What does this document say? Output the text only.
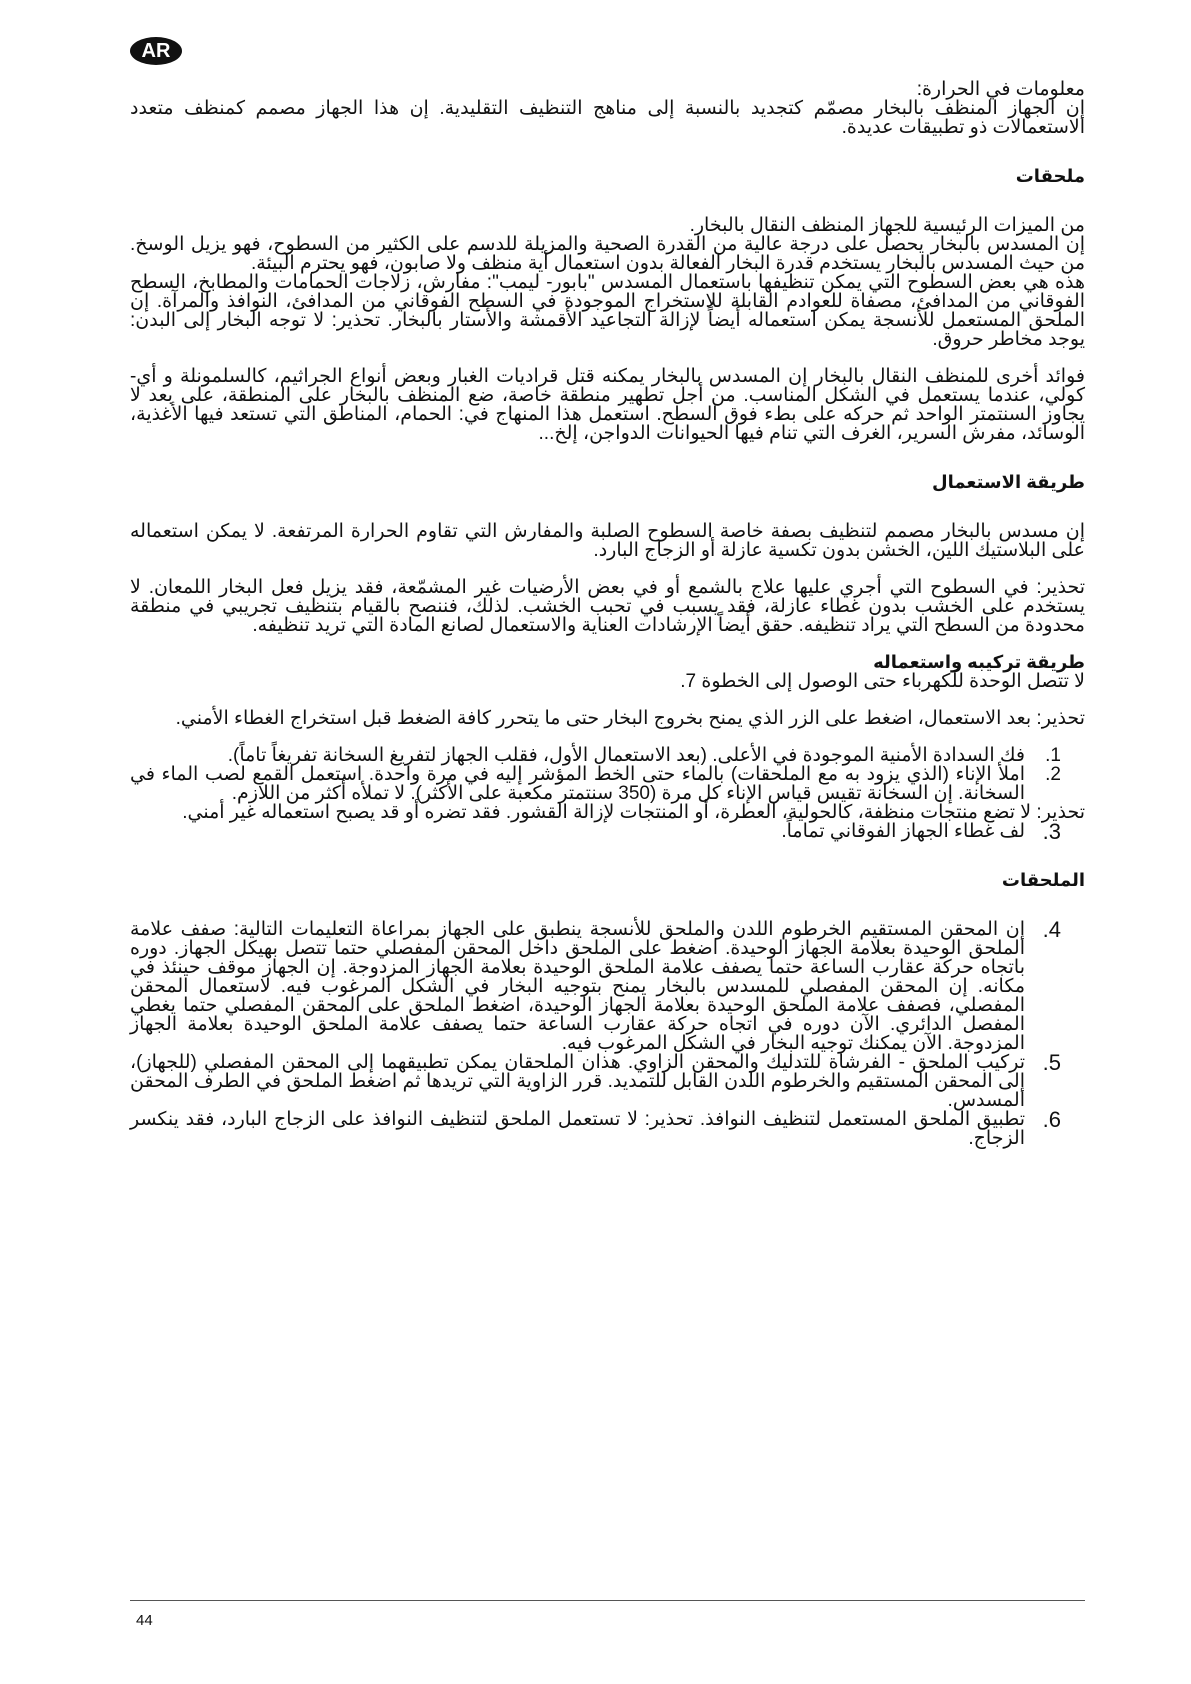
AR

معلومات في الحرارة:

إن الجهاز المنظف بالبخار مصمّم كتجديد بالنسبة إلى مناهج التنظيف التقليدية. إن هذا الجهاز مصمم كمنظف متعدد الاستعمالات ذو تطبيقات عديدة.

ملحقات

من الميزات الرئيسية للجهاز المنظف النقال بالبخار.

إن المسدس بالبخار يحصل على درجة عالية من القدرة الصحية والمزيلة للدسم على الكثير من السطوح، فهو يزيل الوسخ. من حيث المسدس بالبخار يستخدم قدرة البخار الفعالة بدون استعمال أية منظف ولا صابون، فهو يحترم البيئة.

هذه هي بعض السطوح التي يمكن تنظيفها باستعمال المسدس "بابور- ليمب": مفارش، زلاجات الحمامات والمطابخ، السطح الفوقاني من المدافئ، مصفاة للعوادم القابلة للاستخراج الموجودة في السطح الفوقاني من المدافئ، النوافذ والمرآة. إن الملحق المستعمل للأنسجة يمكن استعماله أيضاً لإزالة التجاعيد الأقمشة والأستار بالبخار. تحذير: لا توجه البخار إلى البدن: يوجد مخاطر حروق.

فوائد أخرى للمنظف النقال بالبخار إن المسدس بالبخار يمكنه قتل قراديات الغبار وبعض أنواع الجراثيم، كالسلمونلة و أي- كولي، عندما يستعمل في الشكل المناسب. من أجل تطهير منطقة خاصة، ضع المنظف بالبخار على المنطقة، على بعد لا يجاوز السنتمتر الواحد ثم حركه على بطء فوق السطح. استعمل هذا المنهاج في: الحمام، المناطق التي تستعد فيها الأغذية، الوسائد، مفرش السرير، الغرف التي تنام فيها الحيوانات الدواجن، إلخ...

طريقة الاستعمال

إن مسدس بالبخار مصمم لتنظيف بصفة خاصة السطوح الصلبة والمفارش التي تقاوم الحرارة المرتفعة. لا يمكن استعماله على البلاستيك اللين، الخشن بدون تكسية عازلة أو الزجاج البارد.

تحذير: في السطوح التي أجري عليها علاج بالشمع أو في بعض الأرضيات غير المشمّعة، فقد يزيل فعل البخار اللمعان. لا يستخدم على الخشب بدون غطاء عازلة، فقد يسبب في تحبب الخشب. لذلك، فننصح بالقيام بتنظيف تجريبي في منطقة محدودة من السطح التي يراد تنظيفه. حقق أيضاً الإرشادات العناية والاستعمال لصانع المادة التي تريد تنظيفه.

طريقة تركيبه واستعماله

لا تتصل الوحدة للكهرباء حتى الوصول إلى الخطوة 7.

تحذير: بعد الاستعمال، اضغط على الزر الذي يمنح بخروج البخار حتى ما يتحرر كافة الضغط قبل استخراج الغطاء الأمني.

1.
فك السدادة الأمنية الموجودة في الأعلى. (بعد الاستعمال الأول، فقلب الجهاز لتفريغ السخانة تفريغاً تاماً).
2.
املأ الإناء (الذي يزود به مع الملحقات) بالماء حتى الخط المؤشر إليه في مرة واحدة. استعمل القمع لصب الماء في السخانة. إن السخانة تقيس قياس الإناء كل مرة (350 سنتمتر مكعبة على الأكثر). لا تملأه أكثر من اللازم.

تحذير: لا تضع منتجات منظفة، كالحولية، العطرة، أو المنتجات لإزالة القشور. فقد تضره أو قد يصبح استعماله غير أمني.

3.
لف غطاء الجهاز الفوقاني تماماً.

الملحقات

4.
إن المحقن المستقيم الخرطوم اللدن والملحق للأنسجة ينطبق على الجهاز بمراعاة التعليمات التالية: صفف علامة الملحق الوحيدة بعلامة الجهاز الوحيدة. اضغط على الملحق داخل المحقن المفصلي حتما تتصل بهيكل الجهاز. دوره باتجاه حركة عقارب الساعة حتما يصفف علامة الملحق الوحيدة بعلامة الجهاز المزدوجة. إن الجهاز موقف حينئذ في مكانه. إن المحقن المفصلي للمسدس بالبخار يمنح بتوجيه البخار في الشكل المرغوب فيه. لاستعمال المحقن المفصلي، فصفف علامة الملحق الوحيدة بعلامة الجهاز الوحيدة، اضغط الملحق على المحقن المفصلي حتما يغطي المفصل الدائري. الآن دوره في اتجاه حركة عقارب الساعة حتما يصفف علامة الملحق الوحيدة بعلامة الجهاز المزدوجة. الآن يمكنك توجيه البخار في الشكل المرغوب فيه.
5.
تركيب الملحق - الفرشاة للتدليك والمحقن الزاوي. هذان الملحقان يمكن تطبيقهما إلى المحقن المفصلي (للجهاز)، إلى المحقن المستقيم والخرطوم اللدن القابل للتمديد. قرر الزاوية التي تريدها ثم اضغط الملحق في الطرف المحقن المسدس.
6.
تطبيق الملحق المستعمل لتنظيف النوافذ. تحذير: لا تستعمل الملحق لتنظيف النوافذ على الزجاج البارد، فقد ينكسر الزجاج.
44
